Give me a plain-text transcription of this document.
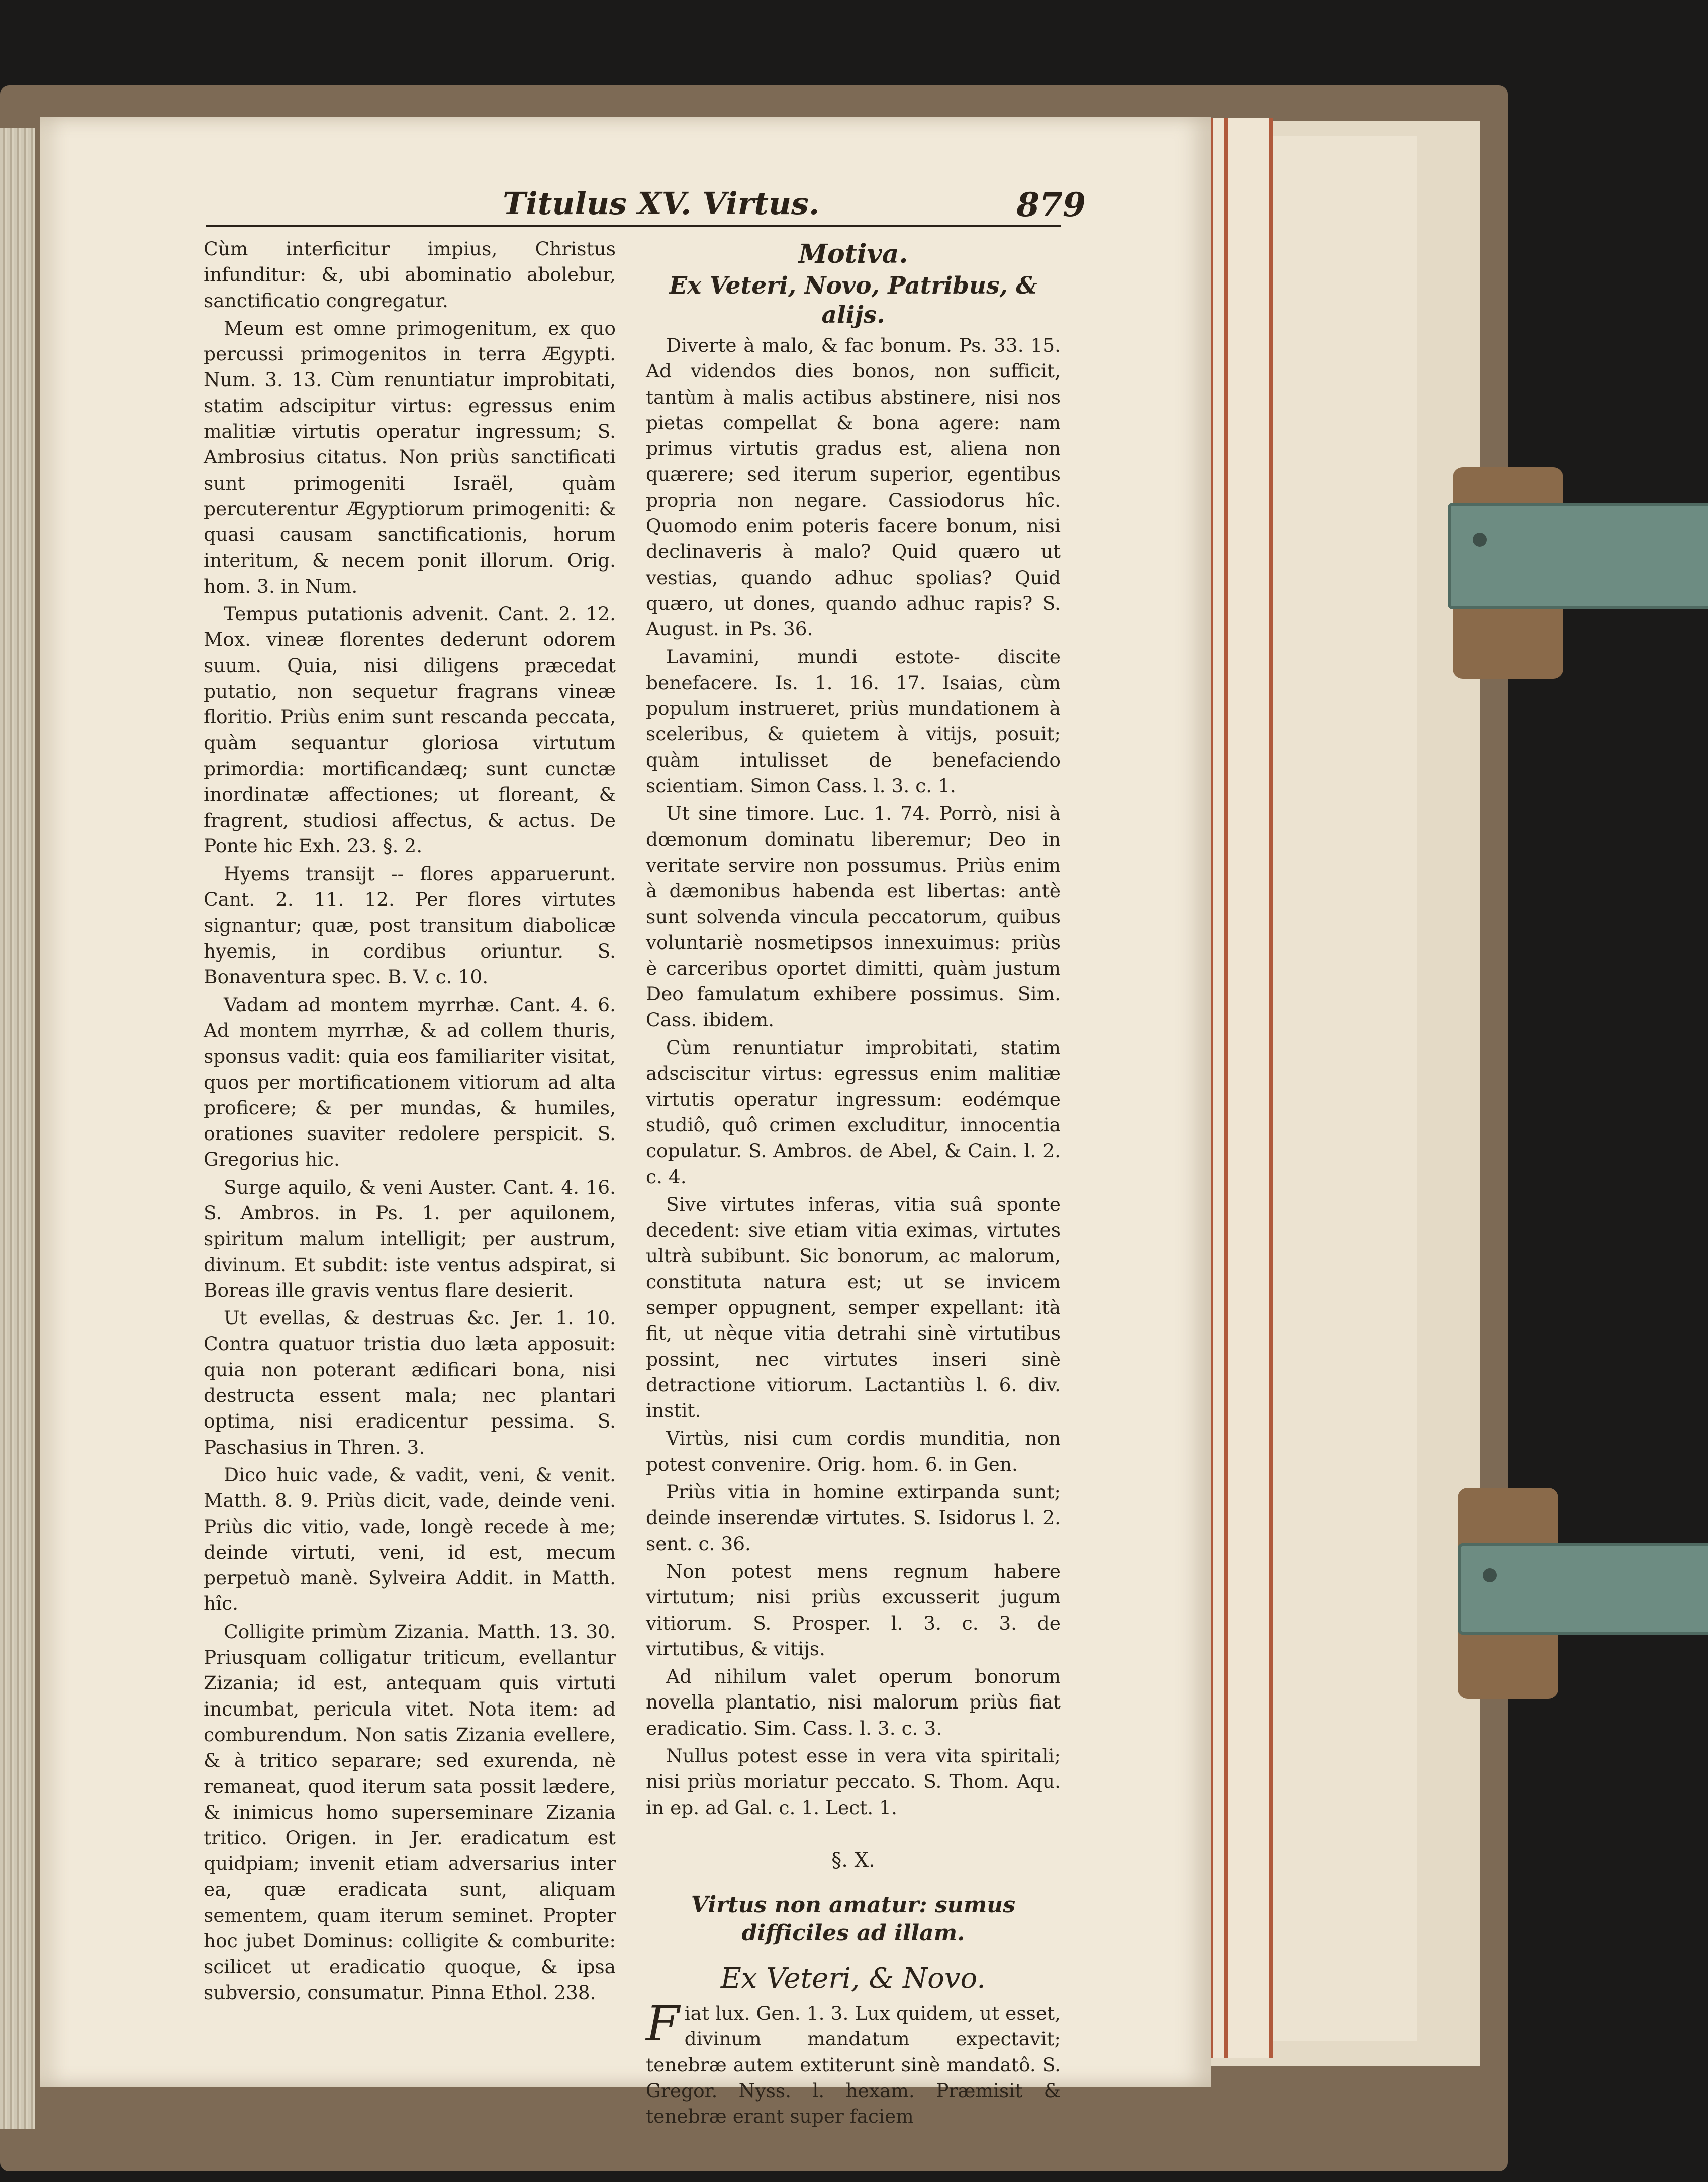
Titulus XV. Virtus.	879

Cùm interficitur impius, Christus infunditur: &, ubi abominatio abolebur, sanctificatio congregatur.

Meum est omne primogenitum, ex quo percussi primogenitos in terra Ægypti. Num. 3. 13. Cùm renuntiatur improbitati, statim adscipitur virtus: egressus enim malitiæ virtutis operatur ingressum; S. Ambrosius citatus. Non priùs sanctificati sunt primogeniti Israël, quàm percuterentur Ægyptiorum primogeniti: & quasi causam sanctificationis, horum interitum, & necem ponit illorum. Orig. hom. 3. in Num.

Tempus putationis advenit. Cant. 2. 12. Mox. vineæ florentes dederunt odorem suum. Quia, nisi diligens præcedat putatio, non sequetur fragrans vineæ floritio. Priùs enim sunt rescanda peccata, quàm sequantur gloriosa virtutum primordia: mortificandæq; sunt cunctæ inordinatæ affectiones; ut floreant, & fragrent, studiosi affectus, & actus. De Ponte hic Exh. 23. §. 2.

Hyems transijt -- flores apparuerunt. Cant. 2. 11. 12. Per flores virtutes signantur; quæ, post transitum diabolicæ hyemis, in cordibus oriuntur. S. Bonaventura spec. B. V. c. 10.

Vadam ad montem myrrhæ. Cant. 4. 6. Ad montem myrrhæ, & ad collem thuris, sponsus vadit: quia eos familiariter visitat, quos per mortificationem vitiorum ad alta proficere; & per mundas, & humiles, orationes suaviter redolere perspicit. S. Gregorius hic.

Surge aquilo, & veni Auster. Cant. 4. 16. S. Ambros. in Ps. 1. per aquilonem, spiritum malum intelligit; per austrum, divinum. Et subdit: iste ventus adspirat, si Boreas ille gravis ventus flare desierit.

Ut evellas, & destruas &c. Jer. 1. 10. Contra quatuor tristia duo læta apposuit: quia non poterant ædificari bona, nisi destructa essent mala; nec plantari optima, nisi eradicentur pessima. S. Paschasius in Thren. 3.

Dico huic vade, & vadit, veni, & venit. Matth. 8. 9. Priùs dicit, vade, deinde veni. Priùs dic vitio, vade, longè recede à me; deinde virtuti, veni, id est, mecum perpetuò manè. Sylveira Addit. in Matth. hîc.

Colligite primùm Zizania. Matth. 13. 30. Priusquam colligatur triticum, evellantur Zizania; id est, antequam quis virtuti incumbat, pericula vitet. Nota item: ad comburendum. Non satis Zizania evellere, & à tritico separare; sed exurenda, nè remaneat, quod iterum sata possit lædere, & inimicus homo superseminare Zizania tritico. Origen. in Jer. eradicatum est quidpiam; invenit etiam adversarius inter ea, quæ eradicata sunt, aliquam sementem, quam iterum seminet. Propter hoc jubet Dominus: colligite & comburite: scilicet ut eradicatio quoque, & ipsa subversio, consumatur. Pinna Ethol. 238.

Motiva.
Ex Veteri, Novo, Patribus, & alijs.

Diverte à malo, & fac bonum. Ps. 33. 15. Ad videndos dies bonos, non sufficit, tantùm à malis actibus abstinere, nisi nos pietas compellat & bona agere: nam primus virtutis gradus est, aliena non quærere; sed iterum superior, egentibus propria non negare. Cassiodorus hîc. Quomodo enim poteris facere bonum, nisi declinaveris à malo? Quid quæro ut vestias, quando adhuc spolias? Quid quæro, ut dones, quando adhuc rapis? S. August. in Ps. 36.

Lavamini, mundi estote- discite benefacere. Is. 1. 16. 17. Isaias, cùm populum instrueret, priùs mundationem à sceleribus, & quietem à vitijs, posuit; quàm intulisset de benefaciendo scientiam. Simon Cass. l. 3. c. 1.

Ut sine timore. Luc. 1. 74. Porrò, nisi à dœmonum dominatu liberemur; Deo in veritate servire non possumus. Priùs enim à dæmonibus habenda est libertas: antè sunt solvenda vincula peccatorum, quibus voluntariè nosmetipsos innexuimus: priùs è carceribus oportet dimitti, quàm justum Deo famulatum exhibere possimus. Sim. Cass. ibidem.

Cùm renuntiatur improbitati, statim adsciscitur virtus: egressus enim malitiæ virtutis operatur ingressum: eodémque studiô, quô crimen excluditur, innocentia copulatur. S. Ambros. de Abel, & Cain. l. 2. c. 4.

Sive virtutes inferas, vitia suâ sponte decedent: sive etiam vitia eximas, virtutes ultrà subibunt. Sic bonorum, ac malorum, constituta natura est; ut se invicem semper oppugnent, semper expellant: ità fit, ut nèque vitia detrahi sinè virtutibus possint, nec virtutes inseri sinè detractione vitiorum. Lactantiùs l. 6. div. instit.

Virtùs, nisi cum cordis munditia, non potest convenire. Orig. hom. 6. in Gen.

Priùs vitia in homine extirpanda sunt; deinde inserendæ virtutes. S. Isidorus l. 2. sent. c. 36.

Non potest mens regnum habere virtutum; nisi priùs excusserit jugum vitiorum. S. Prosper. l. 3. c. 3. de virtutibus, & vitijs.

Ad nihilum valet operum bonorum novella plantatio, nisi malorum priùs fiat eradicatio. Sim. Cass. l. 3. c. 3.

Nullus potest esse in vera vita spiritali; nisi priùs moriatur peccato. S. Thom. Aqu. in ep. ad Gal. c. 1. Lect. 1.

§. X.
Virtus non amatur: sumus difficiles ad illam.
Ex Veteri, & Novo.

Fiat lux. Gen. 1. 3. Lux quidem, ut esset, divinum mandatum expectavit; tenebræ autem extiterunt sinè mandatô. S. Gregor. Nyss. l. hexam. Præmisit & tenebræ erant super faciem
